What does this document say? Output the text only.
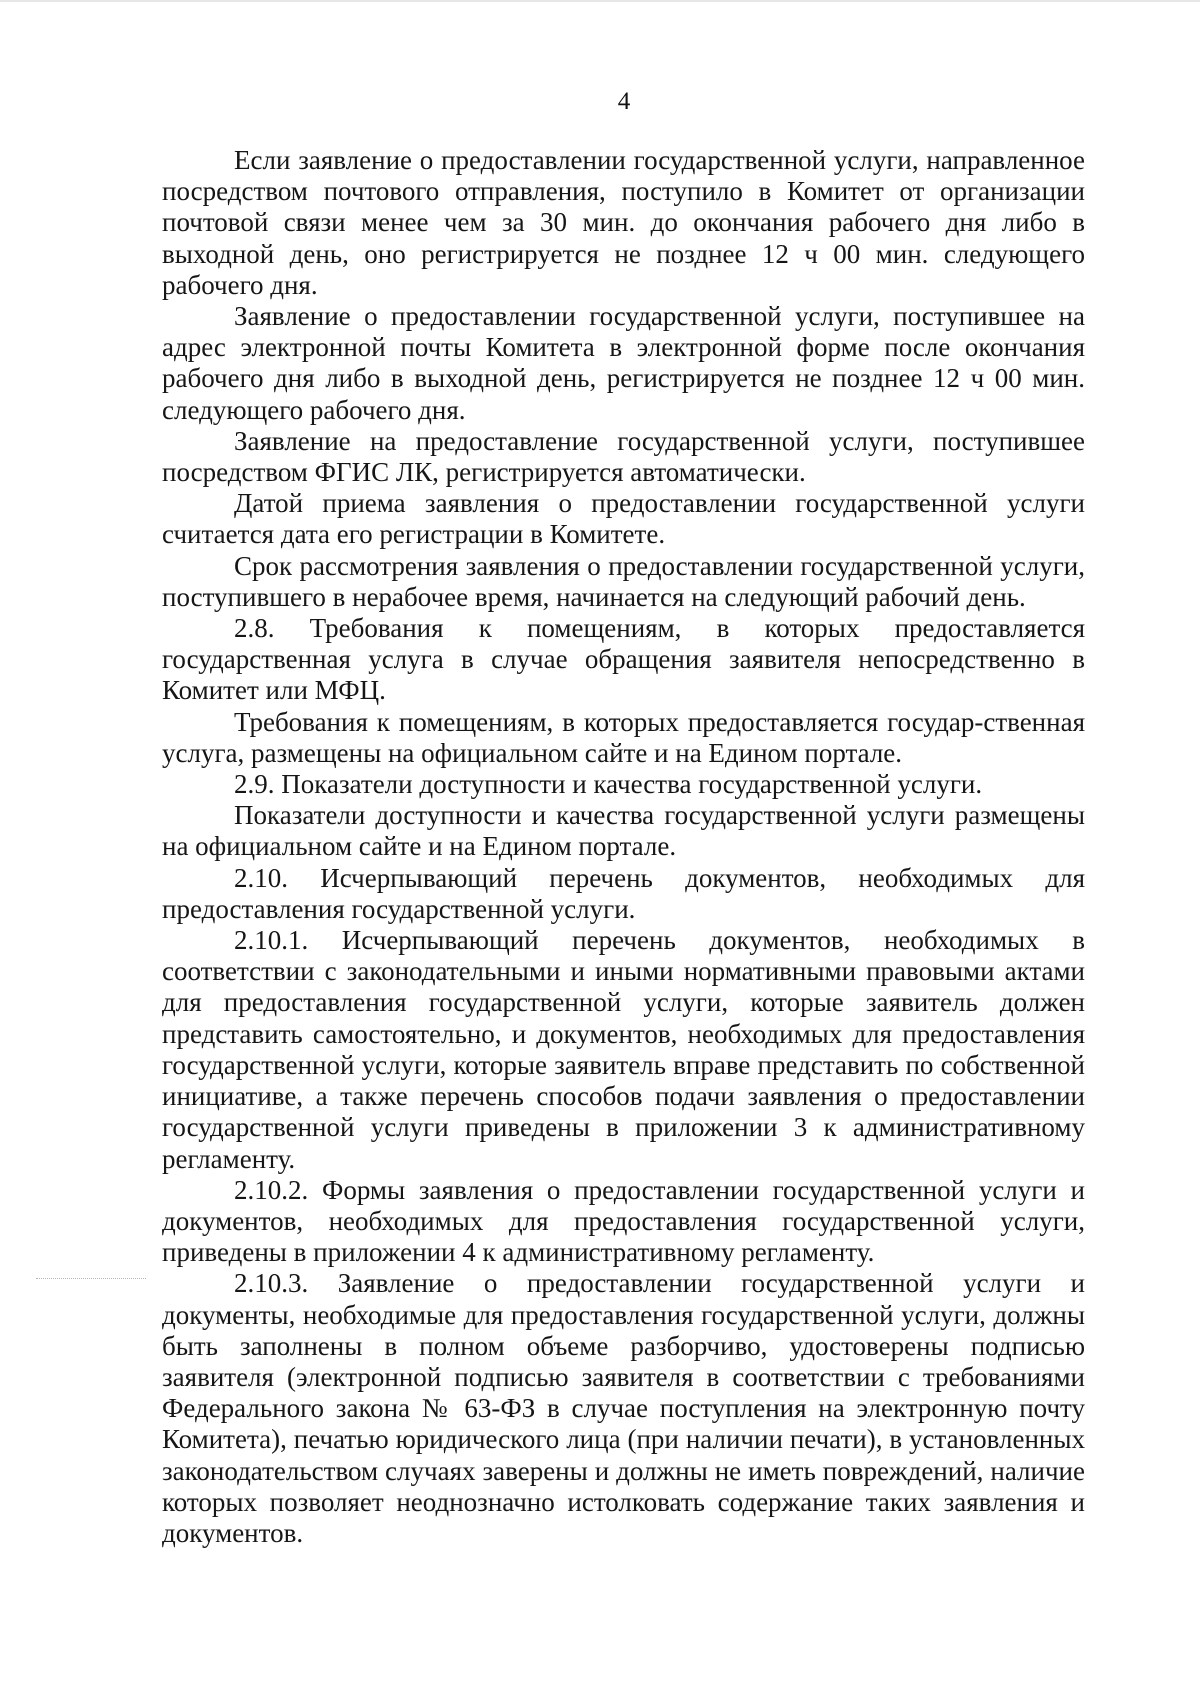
4

Если заявление о предоставлении государственной услуги, направленное посредством почтового отправления, поступило в Комитет от организации почтовой связи менее чем за 30 мин. до окончания рабочего дня либо в выходной день, оно регистрируется не позднее 12 ч 00 мин. следующего рабочего дня.

Заявление о предоставлении государственной услуги, поступившее на адрес электронной почты Комитета в электронной форме после окончания рабочего дня либо в выходной день, регистрируется не позднее 12 ч 00 мин. следующего рабочего дня.

Заявление на предоставление государственной услуги, поступившее посредством ФГИС ЛК, регистрируется автоматически.

Датой приема заявления о предоставлении государственной услуги считается дата его регистрации в Комитете.

Срок рассмотрения заявления о предоставлении государственной услуги, поступившего в нерабочее время, начинается на следующий рабочий день.

2.8. Требования к помещениям, в которых предоставляется государственная услуга в случае обращения заявителя непосредственно в Комитет или МФЦ.

Требования к помещениям, в которых предоставляется государ-ственная услуга, размещены на официальном сайте и на Едином портале.

2.9. Показатели доступности и качества государственной услуги.

Показатели доступности и качества государственной услуги размещены на официальном сайте и на Едином портале.

2.10. Исчерпывающий перечень документов, необходимых для предоставления государственной услуги.

2.10.1. Исчерпывающий перечень документов, необходимых в соответствии с законодательными и иными нормативными правовыми актами для предоставления государственной услуги, которые заявитель должен представить самостоятельно, и документов, необходимых для предоставления государственной услуги, которые заявитель вправе представить по собственной инициативе, а также перечень способов подачи заявления о предоставлении государственной услуги приведены в приложении 3 к административному регламенту.

2.10.2. Формы заявления о предоставлении государственной услуги и документов, необходимых для предоставления государственной услуги, приведены в приложении 4 к административному регламенту.

2.10.3. Заявление о предоставлении государственной услуги и документы, необходимые для предоставления государственной услуги, должны быть заполнены в полном объеме разборчиво, удостоверены подписью заявителя (электронной подписью заявителя в соответствии с требованиями Федерального закона № 63-ФЗ в случае поступления на электронную почту Комитета), печатью юридического лица (при наличии печати), в установленных законодательством случаях заверены и должны не иметь повреждений, наличие которых позволяет неоднозначно истолковать содержание таких заявления и документов.
